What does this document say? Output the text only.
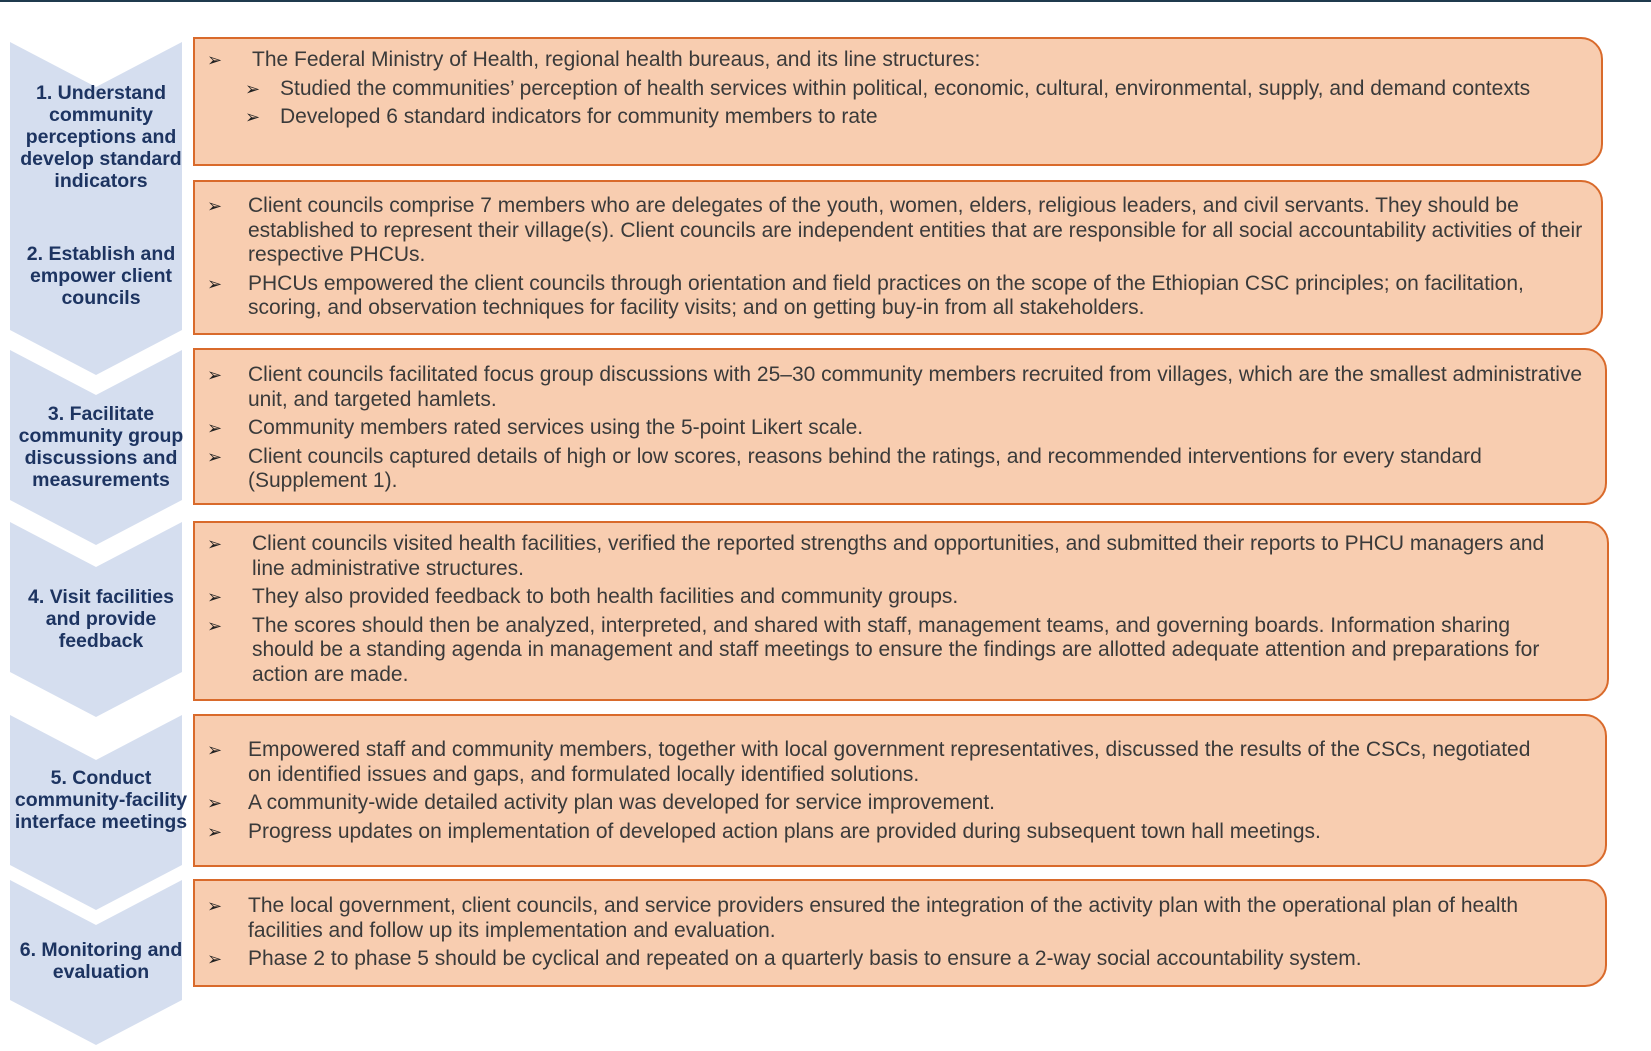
1. Understand community perceptions and develop standard indicators
2. Establish and empower client councils
3. Facilitate community group discussions and measurements
4. Visit facilities and provide feedback
5. Conduct community-facility interface meetings
6. Monitoring and evaluation
➢ The Federal Ministry of Health, regional health bureaus, and its line structures:
➢ Studied the communities’ perception of health services within political, economic, cultural, environmental, supply, and demand contexts
➢ Developed 6 standard indicators for community members to rate
➢ Client councils comprise 7 members who are delegates of the youth, women, elders, religious leaders, and civil servants. They should be established to represent their village(s). Client councils are independent entities that are responsible for all social accountability activities of their respective PHCUs.
➢ PHCUs empowered the client councils through orientation and field practices on the scope of the Ethiopian CSC principles; on facilitation, scoring, and observation techniques for facility visits; and on getting buy-in from all stakeholders.
➢ Client councils facilitated focus group discussions with 25–30 community members recruited from villages, which are the smallest administrative unit, and targeted hamlets.
➢ Community members rated services using the 5-point Likert scale.
➢ Client councils captured details of high or low scores, reasons behind the ratings, and recommended interventions for every standard (Supplement 1).
➢ Client councils visited health facilities, verified the reported strengths and opportunities, and submitted their reports to PHCU managers and line administrative structures.
➢ They also provided feedback to both health facilities and community groups.
➢ The scores should then be analyzed, interpreted, and shared with staff, management teams, and governing boards. Information sharing should be a standing agenda in management and staff meetings to ensure the findings are allotted adequate attention and preparations for action are made.
➢ Empowered staff and community members, together with local government representatives, discussed the results of the CSCs, negotiated on identified issues and gaps, and formulated locally identified solutions.
➢ A community-wide detailed activity plan was developed for service improvement.
➢ Progress updates on implementation of developed action plans are provided during subsequent town hall meetings.
➢ The local government, client councils, and service providers ensured the integration of the activity plan with the operational plan of health facilities and follow up its implementation and evaluation.
➢ Phase 2 to phase 5 should be cyclical and repeated on a quarterly basis to ensure a 2-way social accountability system.
